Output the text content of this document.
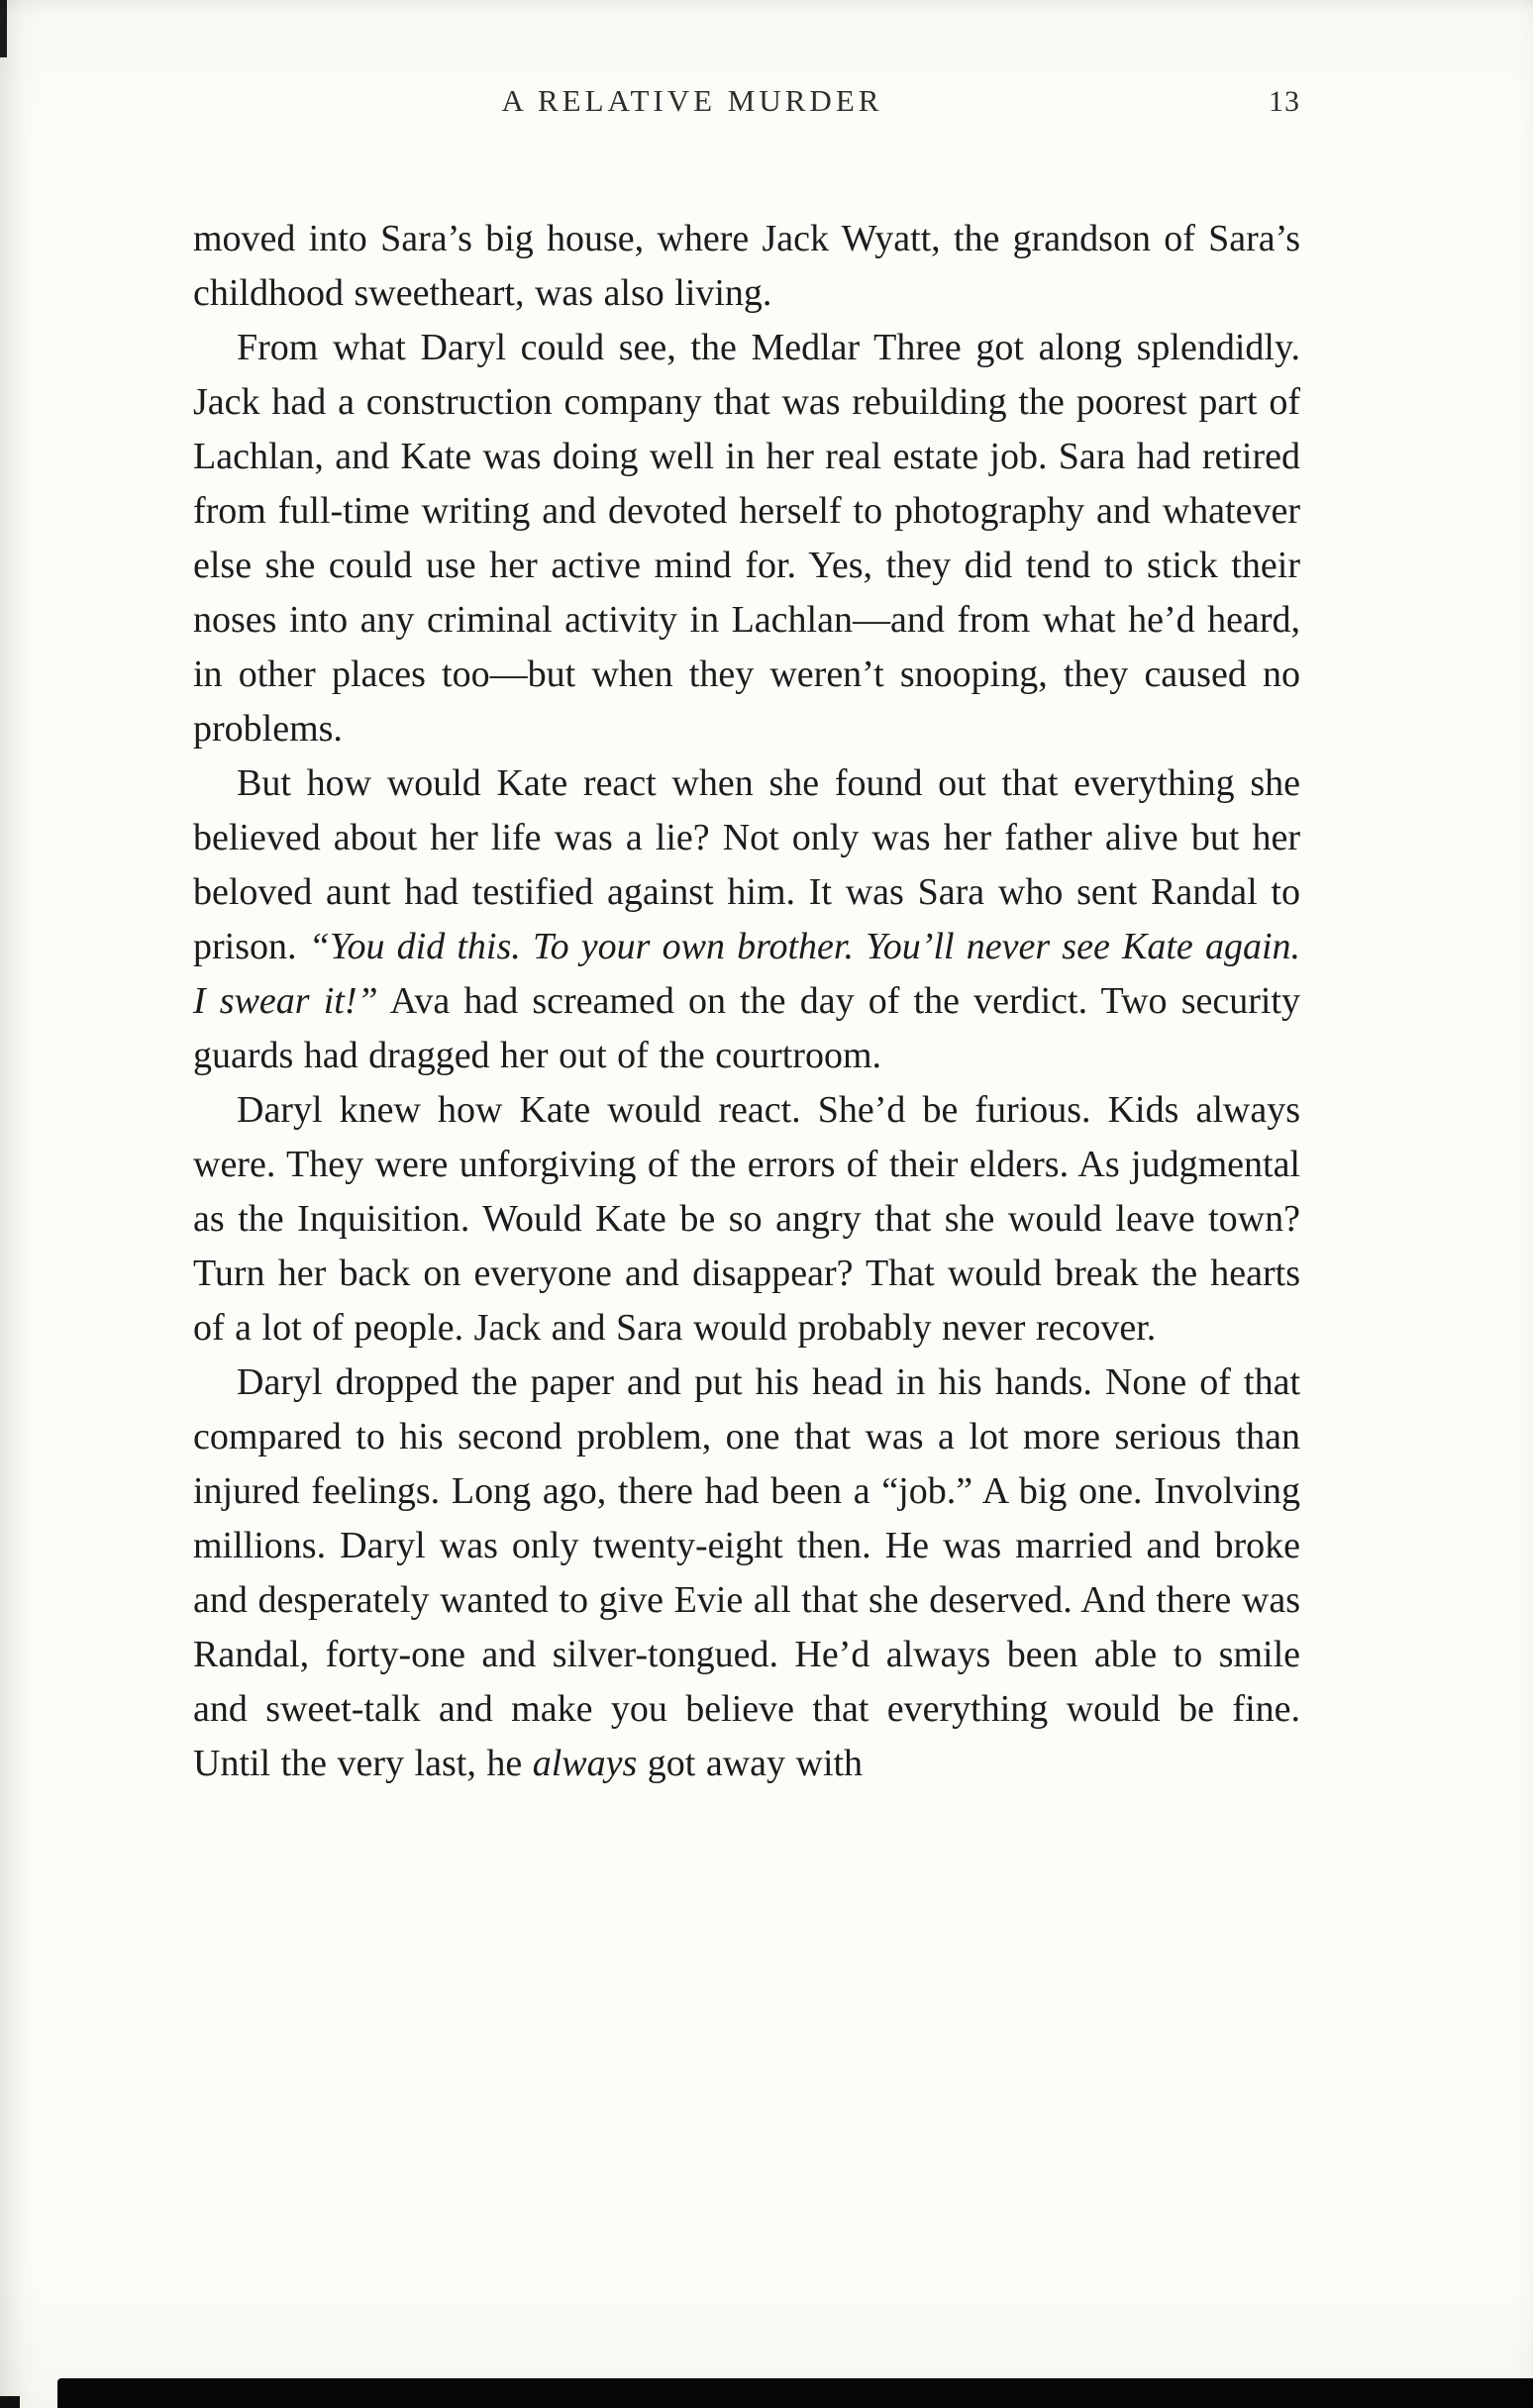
A RELATIVE MURDER	13

moved into Sara’s big house, where Jack Wyatt, the grandson of Sara’s childhood sweetheart, was also living.

From what Daryl could see, the Medlar Three got along splendidly. Jack had a construction company that was rebuilding the poorest part of Lachlan, and Kate was doing well in her real estate job. Sara had retired from full-time writing and devoted herself to photography and whatever else she could use her active mind for. Yes, they did tend to stick their noses into any criminal activity in Lachlan—and from what he’d heard, in other places too—but when they weren’t snooping, they caused no problems.

But how would Kate react when she found out that everything she believed about her life was a lie? Not only was her father alive but her beloved aunt had testified against him. It was Sara who sent Randal to prison. “You did this. To your own brother. You’ll never see Kate again. I swear it!” Ava had screamed on the day of the verdict. Two security guards had dragged her out of the courtroom.

Daryl knew how Kate would react. She’d be furious. Kids always were. They were unforgiving of the errors of their elders. As judgmental as the Inquisition. Would Kate be so angry that she would leave town? Turn her back on everyone and disappear? That would break the hearts of a lot of people. Jack and Sara would probably never recover.

Daryl dropped the paper and put his head in his hands. None of that compared to his second problem, one that was a lot more serious than injured feelings. Long ago, there had been a “job.” A big one. Involving millions. Daryl was only twenty-eight then. He was married and broke and desperately wanted to give Evie all that she deserved. And there was Randal, forty-one and silver-tongued. He’d always been able to smile and sweet-talk and make you believe that everything would be fine. Until the very last, he always got away with
